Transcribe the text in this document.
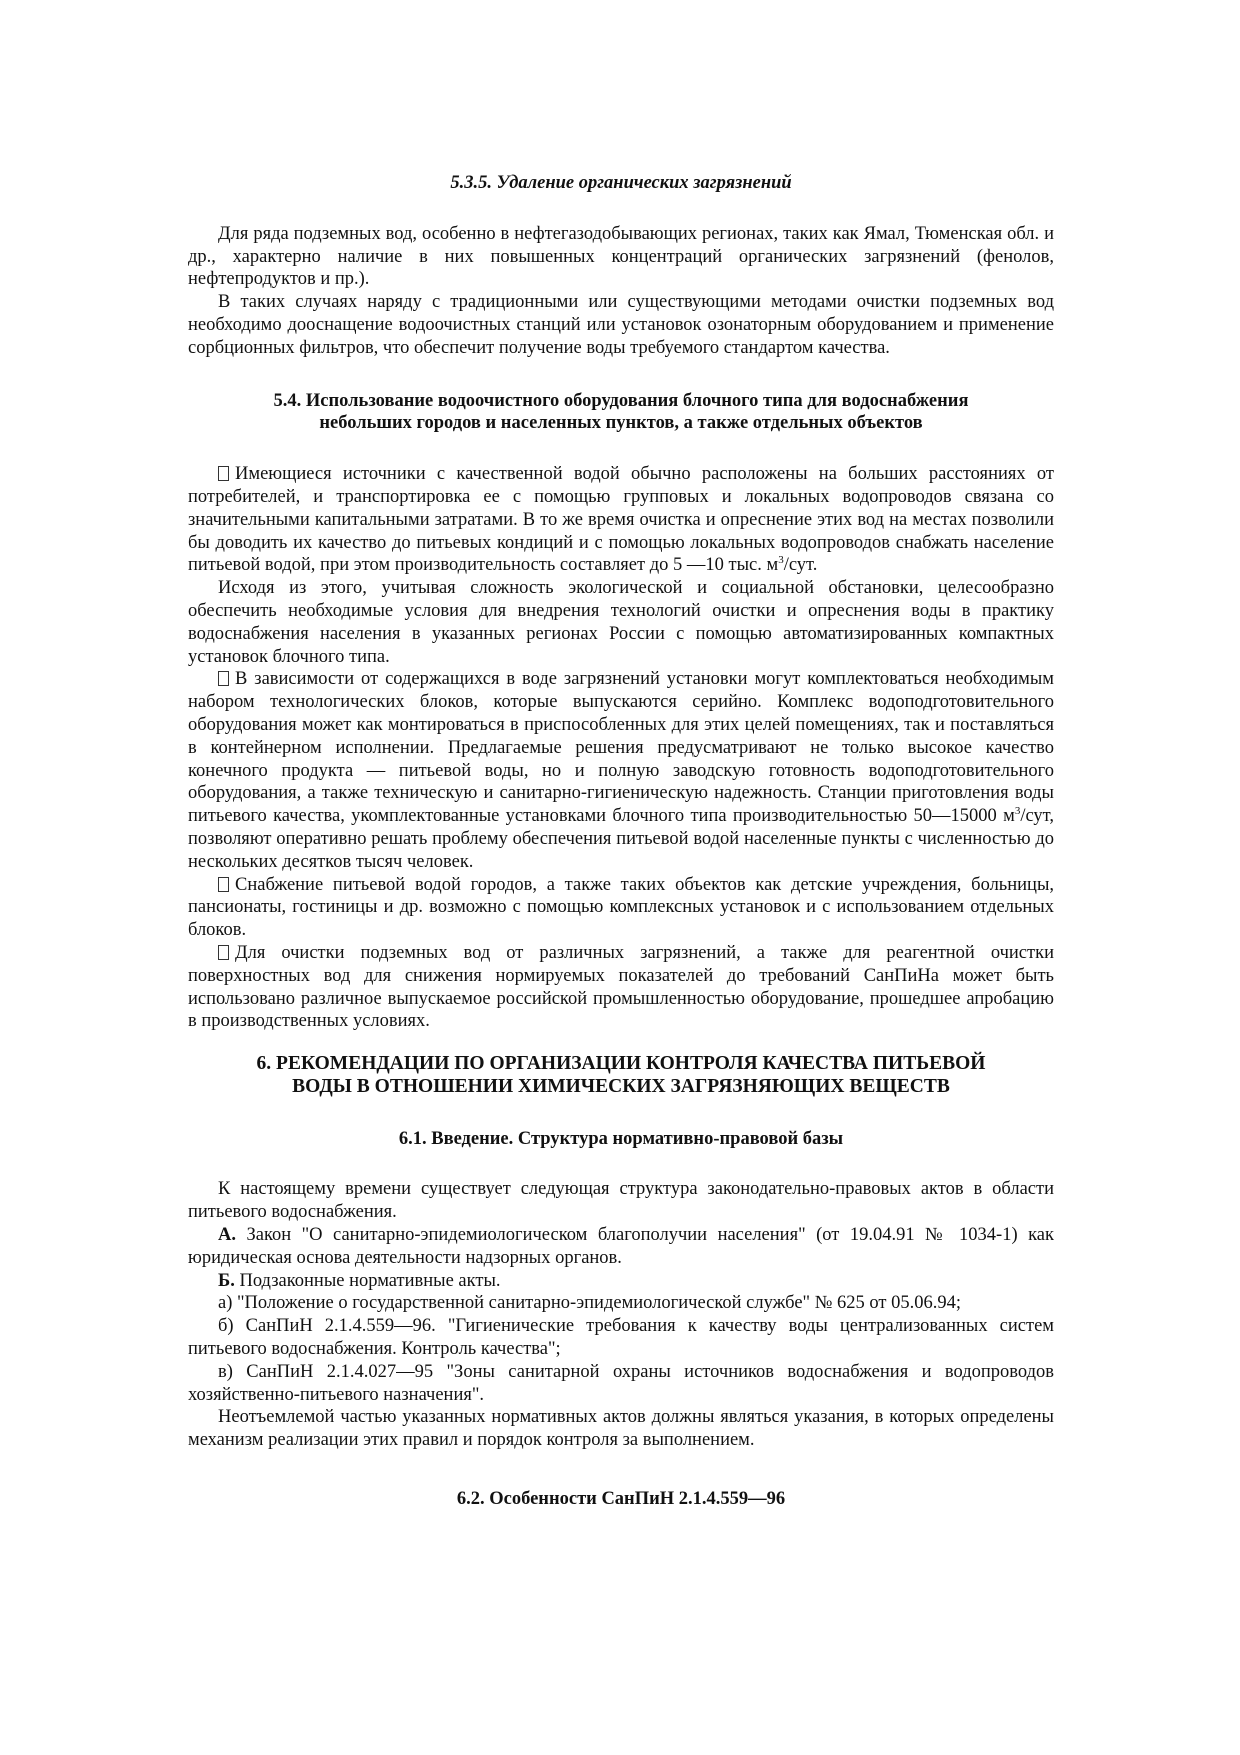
5.3.5. Удаление органических загрязнений

Для ряда подземных вод, особенно в нефтегазодобывающих регионах, таких как Ямал, Тюменская обл. и др., характерно наличие в них повышенных концентраций органических загрязнений (фенолов, нефтепродуктов и пр.).

В таких случаях наряду с традиционными или существующими методами очистки подземных вод необходимо дооснащение водоочистных станций или установок озонаторным оборудованием и применение сорбционных фильтров, что обеспечит получение воды требуемого стандартом качества.

5.4. Использование водоочистного оборудования блочного типа для водоснабжения
небольших городов и населенных пунктов, а также отдельных объектов

Имеющиеся источники с качественной водой обычно расположены на больших расстояниях от потребителей, и транспортировка ее с помощью групповых и локальных водопроводов связана со значительными капитальными затратами. В то же время очистка и опреснение этих вод на местах позволили бы доводить их качество до питьевых кондиций и с помощью локальных водопроводов снабжать население питьевой водой, при этом производительность составляет до 5 —10 тыс. $м^3$/сут.

Исходя из этого, учитывая сложность экологической и социальной обстановки, целесообразно обеспечить необходимые условия для внедрения технологий очистки и опреснения воды в практику водоснабжения населения в указанных регионах России с помощью автоматизированных компактных установок блочного типа.

В зависимости от содержащихся в воде загрязнений установки могут комплектоваться необходимым набором технологических блоков, которые выпускаются серийно. Комплекс водоподготовительного оборудования может как монтироваться в приспособленных для этих целей помещениях, так и поставляться в контейнерном исполнении. Предлагаемые решения предусматривают не только высокое качество конечного продукта — питьевой воды, но и полную заводскую готовность водоподготовительного оборудования, а также техническую и санитарно-гигиеническую надежность. Станции приготовления воды питьевого качества, укомплектованные установками блочного типа производительностью 50—15000 $м^3$/сут, позволяют оперативно решать проблему обеспечения питьевой водой населенные пункты с численностью до нескольких десятков тысяч человек.

Снабжение питьевой водой городов, а также таких объектов как детские учреждения, больницы, пансионаты, гостиницы и др. возможно с помощью комплексных установок и с использованием отдельных блоков.

Для очистки подземных вод от различных загрязнений, а также для реагентной очистки поверхностных вод для снижения нормируемых показателей до требований СанПиНа может быть использовано различное выпускаемое российской промышленностью оборудование, прошедшее апробацию в производственных условиях.

6. РЕКОМЕНДАЦИИ ПО ОРГАНИЗАЦИИ КОНТРОЛЯ КАЧЕСТВА ПИТЬЕВОЙ
ВОДЫ В ОТНОШЕНИИ ХИМИЧЕСКИХ ЗАГРЯЗНЯЮЩИХ ВЕЩЕСТВ
6.1. Введение. Структура нормативно-правовой базы

К настоящему времени существует следующая структура законодательно-правовых актов в области питьевого водоснабжения.

А. Закон "О санитарно-эпидемиологическом благополучии населения" (от 19.04.91 № 1034-1) как юридическая основа деятельности надзорных органов.

Б. Подзаконные нормативные акты.

а) "Положение о государственной санитарно-эпидемиологической службе" № 625 от 05.06.94;

б) СанПиН 2.1.4.559—96. "Гигиенические требования к качеству воды централизованных систем питьевого водоснабжения. Контроль качества";

в) СанПиН 2.1.4.027—95 "Зоны санитарной охраны источников водоснабжения и водопроводов хозяйственно-питьевого назначения".

Неотъемлемой частью указанных нормативных актов должны являться указания, в которых определены механизм реализации этих правил и порядок контроля за выполнением.

6.2. Особенности СанПиН 2.1.4.559—96
